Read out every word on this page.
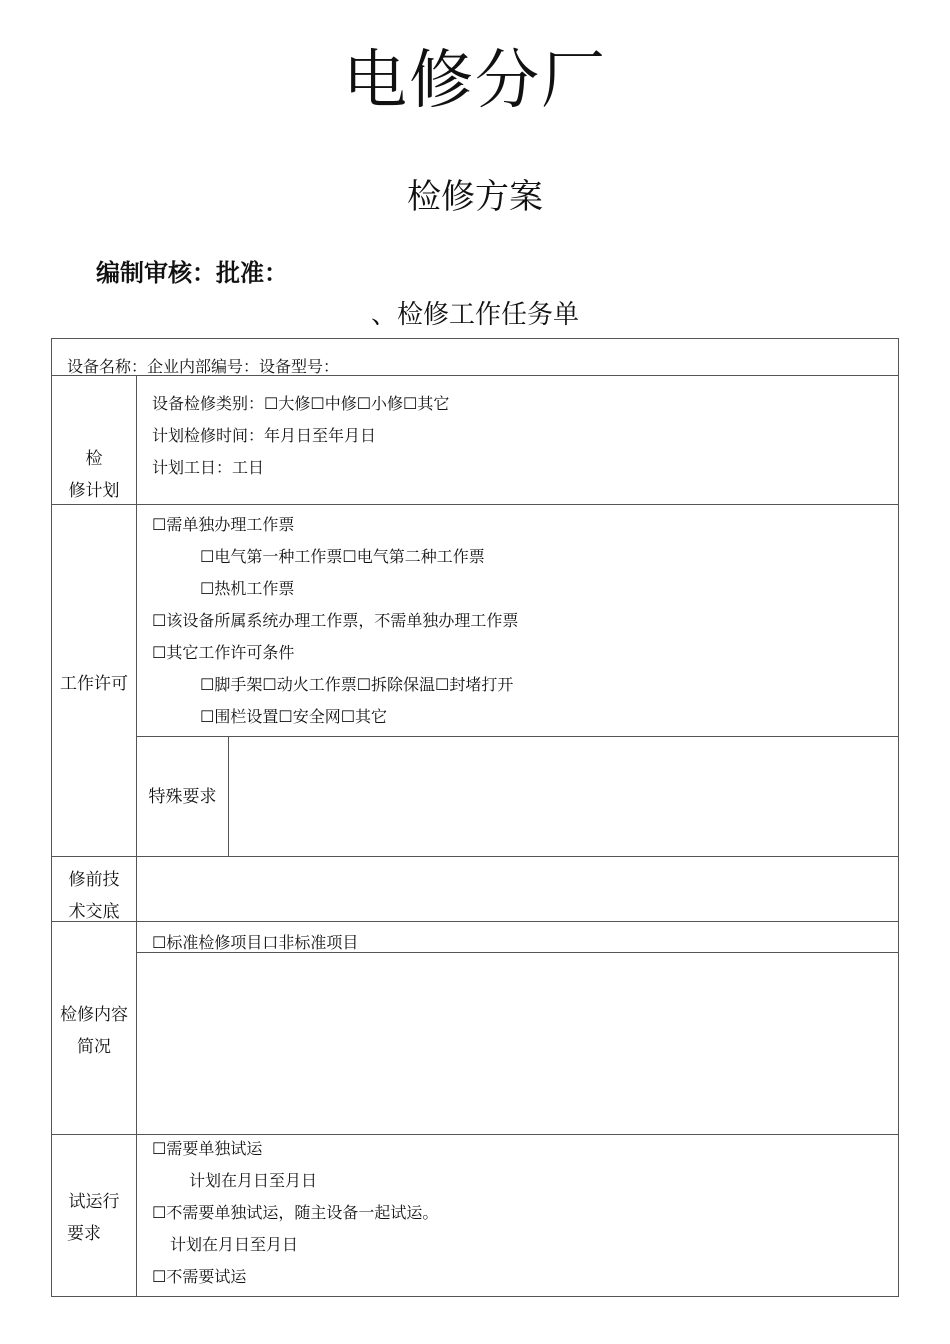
电修分厂
检修方案
编制审核：批准：
、检修工作任务单
设备名称：企业内部编号：设备型号：
检
修计划
设备检修类别：☐大修☐中修☐小修☐其它
计划检修时间：年月日至年月日
计划工日：工日
工作许可
☐需单独办理工作票
☐电气第一种工作票☐电气第二种工作票
☐热机工作票
☐该设备所属系统办理工作票，不需单独办理工作票
☐其它工作许可条件
☐脚手架☐动火工作票☐拆除保温☐封堵打开
☐围栏设置☐安全网☐其它
特殊要求
修前技
术交底
检修内容
简况
☐标准检修项目口非标准项目
试运行
要求
☐需要单独试运
计划在月日至月日
☐不需要单独试运，随主设备一起试运。
计划在月日至月日
☐不需要试运
